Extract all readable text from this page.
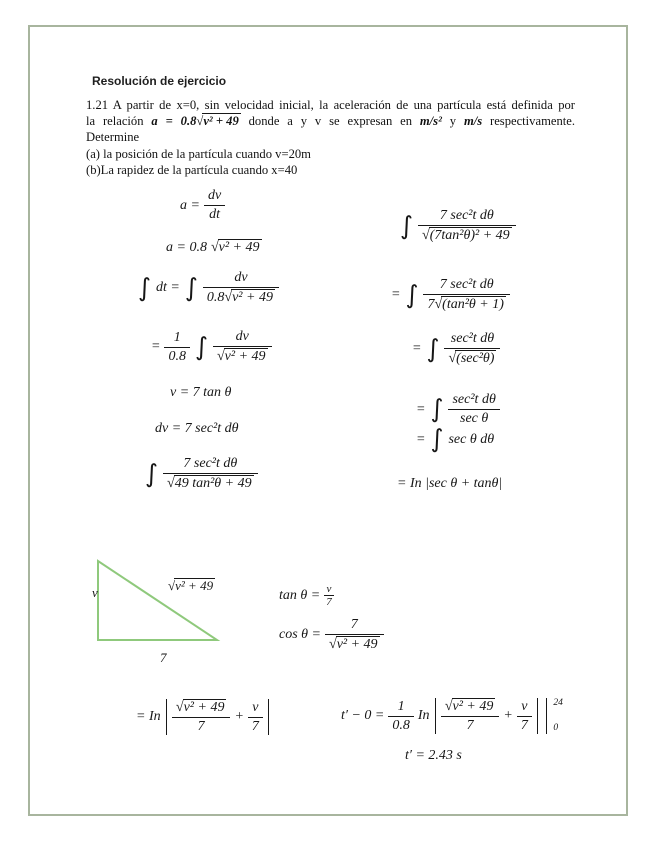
Resolución de ejercicio
1.21 A partir de x=0, sin velocidad inicial, la aceleración de una partícula está definida por
la relación a = 0.8√v² + 49 donde a y v se expresan en m/s² y m/s respectivamente.
Determine
(a) la posición de la partícula cuando v=20m
(b)La rapidez de la partícula cuando x=40
$a = \frac{dv}{dt}$
a = 0.8 √v² + 49
∫ dt = ∫ $\frac{dv}{\text{0.8√v² + 49}}$
= $\frac{1}{0.8}$ ∫ $\frac{dv}{\text{√v² + 49}}$
v = 7 tan θ
dv = 7 sec²t dθ
∫ $\frac{\text{7 sec²t dθ}}{\text{√49 tan²θ + 49}}$
∫ $\frac{\text{7 sec²t dθ}}{\text{√(7tan²θ)² + 49}}$
= ∫ $\frac{\text{7 sec²t dθ}}{\text{7√(tan²θ + 1)}}$
= ∫ $\frac{\text{sec²t dθ}}{\text{√(sec²θ)}}$
= ∫ $\frac{\text{sec²t dθ}}{\text{sec θ}}$
= ∫ sec θ dθ
= In |sec θ + tanθ|
v	√v² + 49
7
$\tan \theta = \frac{v}{7}$
$\cos \theta = \frac{7}{\text{√v² + 49}}$
= In $\frac{\text{√v² + 49}}{7} + \frac{v}{7}$	$t' - 0 = \frac{1}{0.8}$ In $\frac{\text{√v² + 49}}{7} + \frac{v}{7} 24$
0
t′ = 2.43 s
